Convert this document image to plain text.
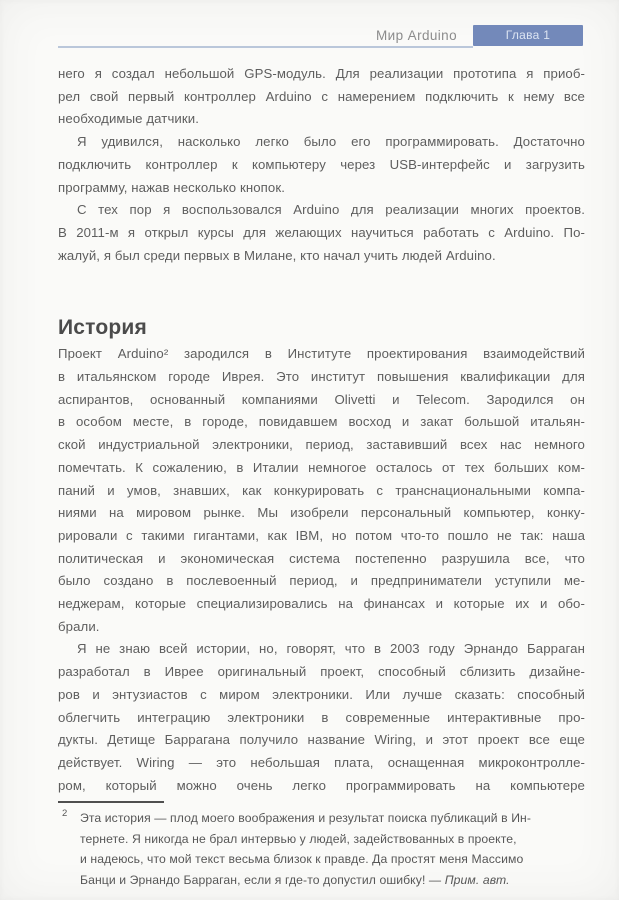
Мир Arduino	Глава 1

него я создал небольшой GPS-модуль. Для реализации прототипа я приоб-
рел свой первый контроллер Arduino с намерением подключить к нему все
необходимые датчики.

Я удивился, насколько легко было его программировать. Достаточно
подключить контроллер к компьютеру через USB-интерфейс и загрузить
программу, нажав несколько кнопок.

С тех пор я воспользовался Arduino для реализации многих проектов.
В 2011-м я открыл курсы для желающих научиться работать с Arduino. По-
жалуй, я был среди первых в Милане, кто начал учить людей Arduino.

История

Проект Arduino² зародился в Институте проектирования взаимодействий
в итальянском городе Иврея. Это институт повышения квалификации для
аспирантов, основанный компаниями Olivetti и Telecom. Зародился он
в особом месте, в городе, повидавшем восход и закат большой итальян-
ской индустриальной электроники, период, заставивший всех нас немного
помечтать. К сожалению, в Италии немногое осталось от тех больших ком-
паний и умов, знавших, как конкурировать с транснациональными компа-
ниями на мировом рынке. Мы изобрели персональный компьютер, конку-
рировали с такими гигантами, как IBM, но потом что-то пошло не так: наша
политическая и экономическая система постепенно разрушила все, что
было создано в послевоенный период, и предприниматели уступили ме-
неджерам, которые специализировались на финансах и которые их и обо-
брали.

Я не знаю всей истории, но, говорят, что в 2003 году Эрнандо Барраган
разработал в Иврее оригинальный проект, способный сблизить дизайне-
ров и энтузиастов с миром электроники. Или лучше сказать: способный
облегчить интеграцию электроники в современные интерактивные про-
дукты. Детище Баррагана получило название Wiring, и этот проект все еще
действует. Wiring — это небольшая плата, оснащенная микроконтролле-
ром, который можно очень легко программировать на компьютере

2 Эта история — плод моего воображения и результат поиска публикаций в Ин-
тернете. Я никогда не брал интервью у людей, задействованных в проекте,
и надеюсь, что мой текст весьма близок к правде. Да простят меня Массимо
Банци и Эрнандо Барраган, если я где-то допустил ошибку! — Прим. авт.
